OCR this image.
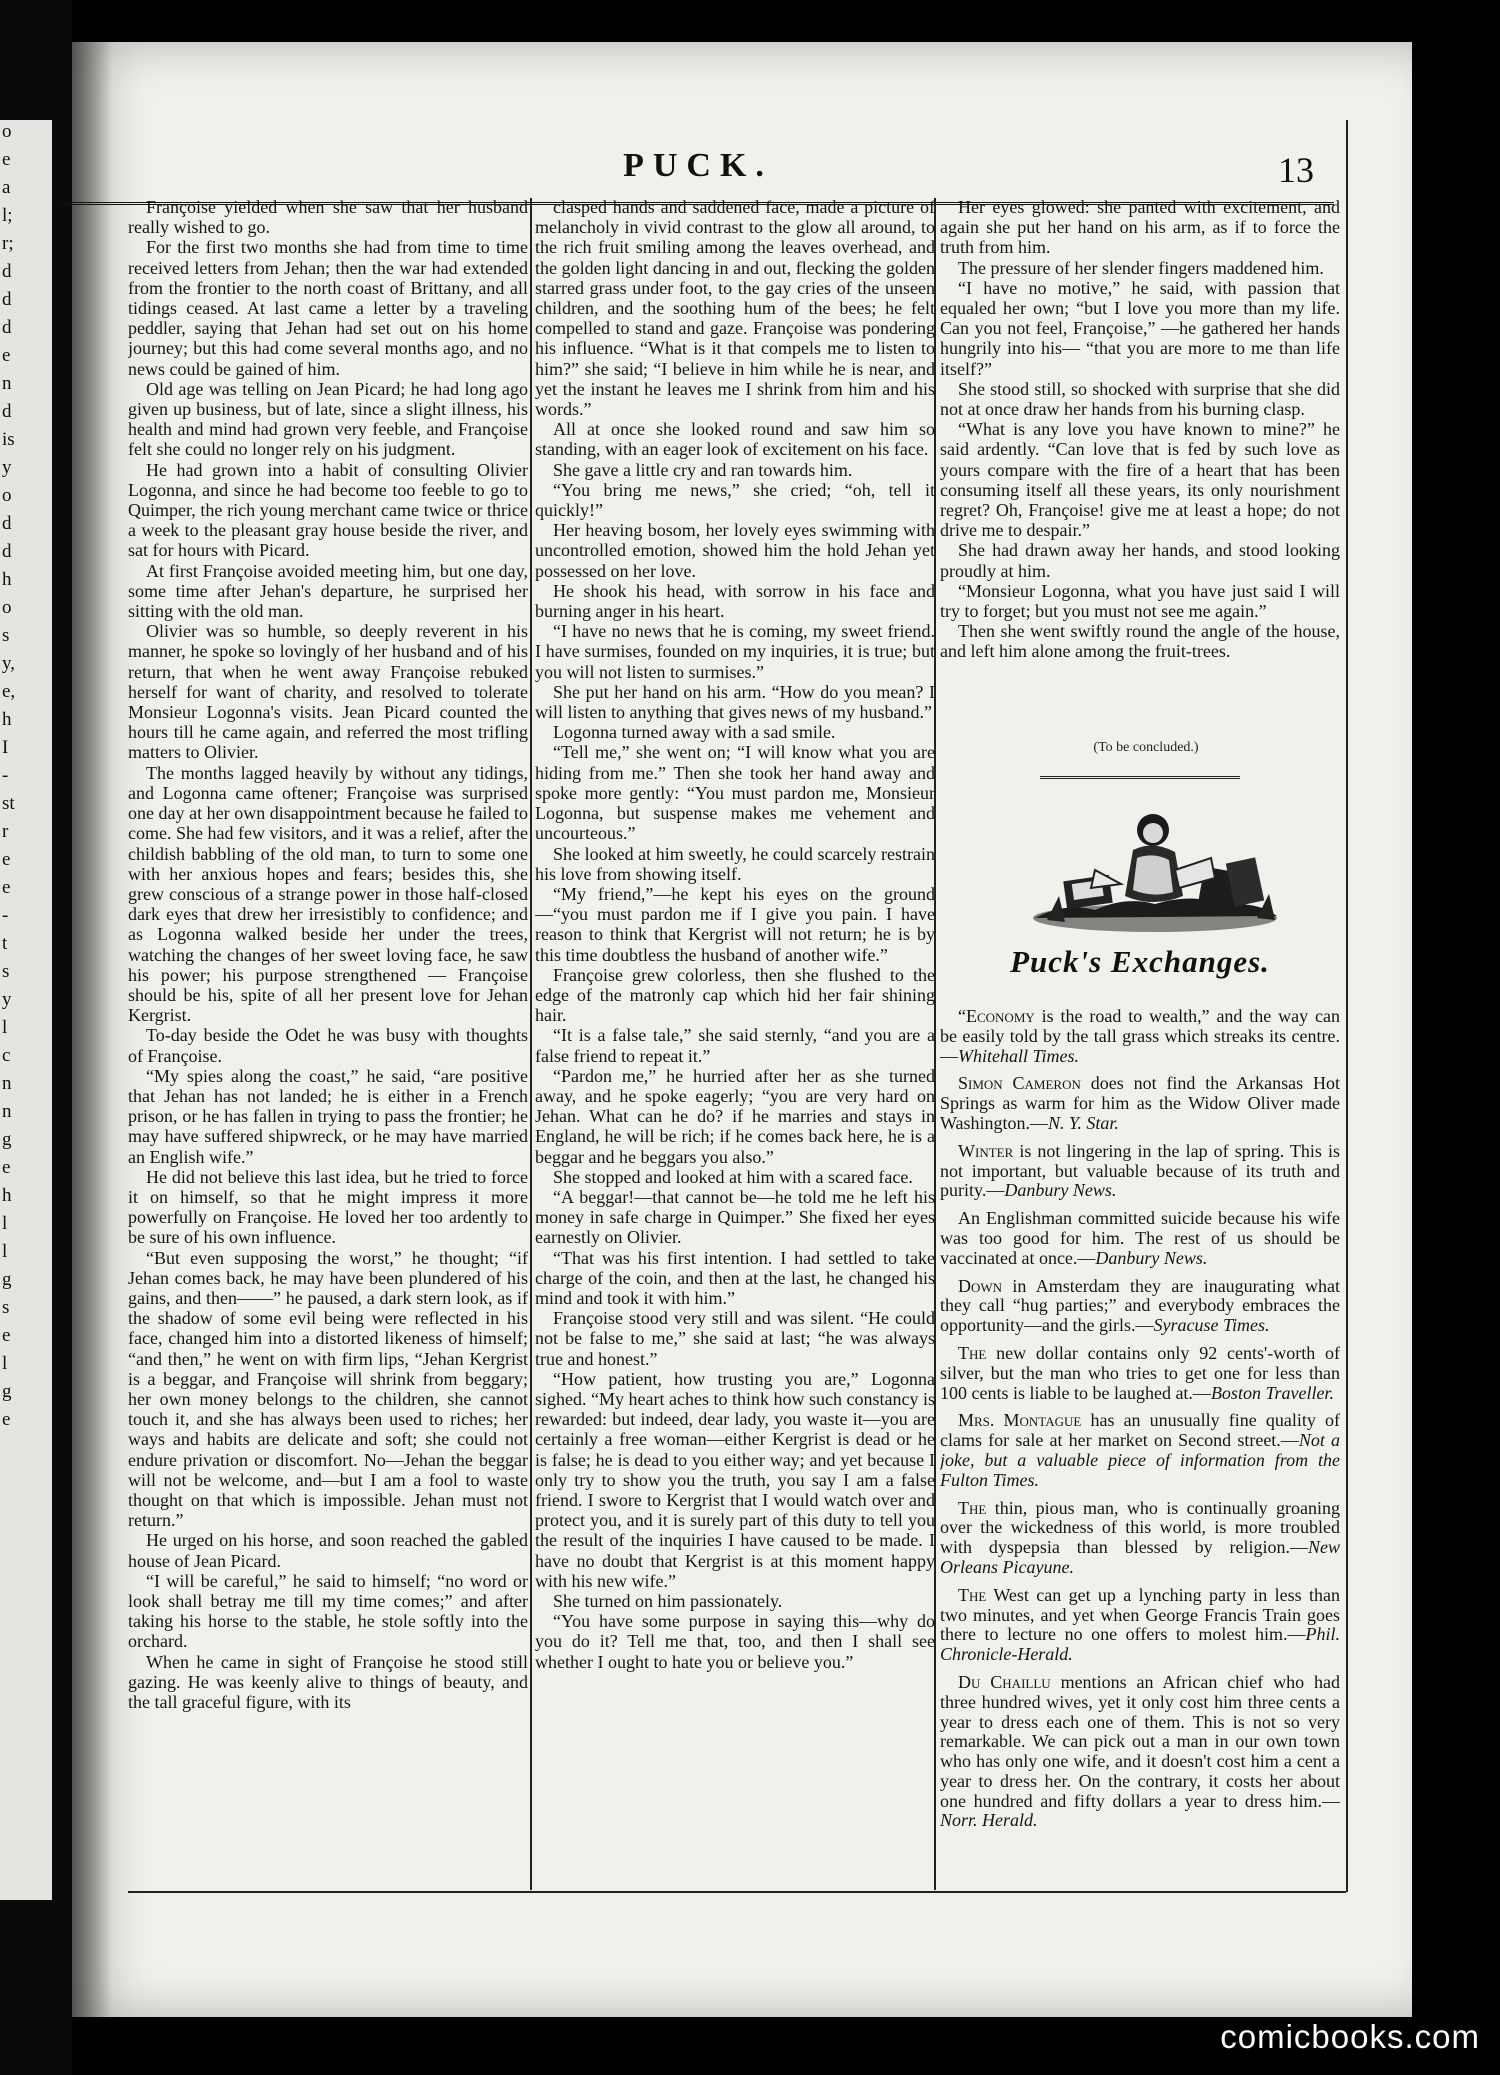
o
e
a
l;
r;
d
d
d
e
n
d
is
y
o
d
d
h
o
s
y,
e,
h
I
-
st
r
e
e
-
t
s
y
l
c
n
n
g
e
h
l
l
g
s
e
l
g
e
PUCK.	13

Françoise yielded when she saw that her husband really wished to go.

For the first two months she had from time to time received letters from Jehan; then the war had extended from the frontier to the north coast of Brittany, and all tidings ceased. At last came a letter by a traveling peddler, saying that Jehan had set out on his home journey; but this had come several months ago, and no news could be gained of him.

Old age was telling on Jean Picard; he had long ago given up business, but of late, since a slight illness, his health and mind had grown very feeble, and Françoise felt she could no longer rely on his judgment.

He had grown into a habit of consulting Olivier Logonna, and since he had become too feeble to go to Quimper, the rich young merchant came twice or thrice a week to the pleasant gray house beside the river, and sat for hours with Picard.

At first Françoise avoided meeting him, but one day, some time after Jehan's departure, he surprised her sitting with the old man.

Olivier was so humble, so deeply reverent in his manner, he spoke so lovingly of her husband and of his return, that when he went away Françoise rebuked herself for want of charity, and resolved to tolerate Monsieur Logonna's visits. Jean Picard counted the hours till he came again, and referred the most trifling matters to Olivier.

The months lagged heavily by without any tidings, and Logonna came oftener; Françoise was surprised one day at her own disappointment because he failed to come. She had few visitors, and it was a relief, after the childish babbling of the old man, to turn to some one with her anxious hopes and fears; besides this, she grew conscious of a strange power in those half-closed dark eyes that drew her irresistibly to confidence; and as Logonna walked beside her under the trees, watching the changes of her sweet loving face, he saw his power; his purpose strengthened — Françoise should be his, spite of all her present love for Jehan Kergrist.

To-day beside the Odet he was busy with thoughts of Françoise.

“My spies along the coast,” he said, “are positive that Jehan has not landed; he is either in a French prison, or he has fallen in trying to pass the frontier; he may have suffered shipwreck, or he may have married an English wife.”

He did not believe this last idea, but he tried to force it on himself, so that he might impress it more powerfully on Françoise. He loved her too ardently to be sure of his own influence.

“But even supposing the worst,” he thought; “if Jehan comes back, he may have been plundered of his gains, and then——” he paused, a dark stern look, as if the shadow of some evil being were reflected in his face, changed him into a distorted likeness of himself; “and then,” he went on with firm lips, “Jehan Kergrist is a beggar, and Françoise will shrink from beggary; her own money belongs to the children, she cannot touch it, and she has always been used to riches; her ways and habits are delicate and soft; she could not endure privation or discomfort. No—Jehan the beggar will not be welcome, and—but I am a fool to waste thought on that which is impossible. Jehan must not return.”

He urged on his horse, and soon reached the gabled house of Jean Picard.

“I will be careful,” he said to himself; “no word or look shall betray me till my time comes;” and after taking his horse to the stable, he stole softly into the orchard.

When he came in sight of Françoise he stood still gazing. He was keenly alive to things of beauty, and the tall graceful figure, with its

clasped hands and saddened face, made a picture of melancholy in vivid contrast to the glow all around, to the rich fruit smiling among the leaves overhead, and the golden light dancing in and out, flecking the golden starred grass under foot, to the gay cries of the unseen children, and the soothing hum of the bees; he felt compelled to stand and gaze. Françoise was pondering his influence. “What is it that compels me to listen to him?” she said; “I believe in him while he is near, and yet the instant he leaves me I shrink from him and his words.”

All at once she looked round and saw him so standing, with an eager look of excitement on his face.

She gave a little cry and ran towards him.

“You bring me news,” she cried; “oh, tell it quickly!”

Her heaving bosom, her lovely eyes swimming with uncontrolled emotion, showed him the hold Jehan yet possessed on her love.

He shook his head, with sorrow in his face and burning anger in his heart.

“I have no news that he is coming, my sweet friend. I have surmises, founded on my inquiries, it is true; but you will not listen to surmises.”

She put her hand on his arm. “How do you mean? I will listen to anything that gives news of my husband.”

Logonna turned away with a sad smile.

“Tell me,” she went on; “I will know what you are hiding from me.” Then she took her hand away and spoke more gently: “You must pardon me, Monsieur Logonna, but suspense makes me vehement and uncourteous.”

She looked at him sweetly, he could scarcely restrain his love from showing itself.

“My friend,”—he kept his eyes on the ground—“you must pardon me if I give you pain. I have reason to think that Kergrist will not return; he is by this time doubtless the husband of another wife.”

Françoise grew colorless, then she flushed to the edge of the matronly cap which hid her fair shining hair.

“It is a false tale,” she said sternly, “and you are a false friend to repeat it.”

“Pardon me,” he hurried after her as she turned away, and he spoke eagerly; “you are very hard on Jehan. What can he do? if he marries and stays in England, he will be rich; if he comes back here, he is a beggar and he beggars you also.”

She stopped and looked at him with a scared face.

“A beggar!—that cannot be—he told me he left his money in safe charge in Quimper.” She fixed her eyes earnestly on Olivier.

“That was his first intention. I had settled to take charge of the coin, and then at the last, he changed his mind and took it with him.”

Françoise stood very still and was silent. “He could not be false to me,” she said at last; “he was always true and honest.”

“How patient, how trusting you are,” Logonna sighed. “My heart aches to think how such constancy is rewarded: but indeed, dear lady, you waste it—you are certainly a free woman—either Kergrist is dead or he is false; he is dead to you either way; and yet because I only try to show you the truth, you say I am a false friend. I swore to Kergrist that I would watch over and protect you, and it is surely part of this duty to tell you the result of the inquiries I have caused to be made. I have no doubt that Kergrist is at this moment happy with his new wife.”

She turned on him passionately.

“You have some purpose in saying this—why do you do it? Tell me that, too, and then I shall see whether I ought to hate you or believe you.”

Her eyes glowed: she panted with excitement, and again she put her hand on his arm, as if to force the truth from him.

The pressure of her slender fingers maddened him.

“I have no motive,” he said, with passion that equaled her own; “but I love you more than my life. Can you not feel, Françoise,” —he gathered her hands hungrily into his— “that you are more to me than life itself?”

She stood still, so shocked with surprise that she did not at once draw her hands from his burning clasp.

“What is any love you have known to mine?” he said ardently. “Can love that is fed by such love as yours compare with the fire of a heart that has been consuming itself all these years, its only nourishment regret? Oh, Françoise! give me at least a hope; do not drive me to despair.”

She had drawn away her hands, and stood looking proudly at him.

“Monsieur Logonna, what you have just said I will try to forget; but you must not see me again.”

Then she went swiftly round the angle of the house, and left him alone among the fruit-trees.

(To be concluded.)
Puck's Exchanges.

“Economy is the road to wealth,” and the way can be easily told by the tall grass which streaks its centre.—Whitehall Times.

Simon Cameron does not find the Arkansas Hot Springs as warm for him as the Widow Oliver made Washington.—N. Y. Star.

Winter is not lingering in the lap of spring. This is not important, but valuable because of its truth and purity.—Danbury News.

An Englishman committed suicide because his wife was too good for him. The rest of us should be vaccinated at once.—Danbury News.

Down in Amsterdam they are inaugurating what they call “hug parties;” and everybody embraces the opportunity—and the girls.—Syracuse Times.

The new dollar contains only 92 cents'-worth of silver, but the man who tries to get one for less than 100 cents is liable to be laughed at.—Boston Traveller.

Mrs. Montague has an unusually fine quality of clams for sale at her market on Second street.—Not a joke, but a valuable piece of information from the Fulton Times.

The thin, pious man, who is continually groaning over the wickedness of this world, is more troubled with dyspepsia than blessed by religion.—New Orleans Picayune.

The West can get up a lynching party in less than two minutes, and yet when George Francis Train goes there to lecture no one offers to molest him.—Phil. Chronicle-Herald.

Du Chaillu mentions an African chief who had three hundred wives, yet it only cost him three cents a year to dress each one of them. This is not so very remarkable. We can pick out a man in our own town who has only one wife, and it doesn't cost him a cent a year to dress her. On the contrary, it costs her about one hundred and fifty dollars a year to dress him.—Norr. Herald.

comicbooks.com
